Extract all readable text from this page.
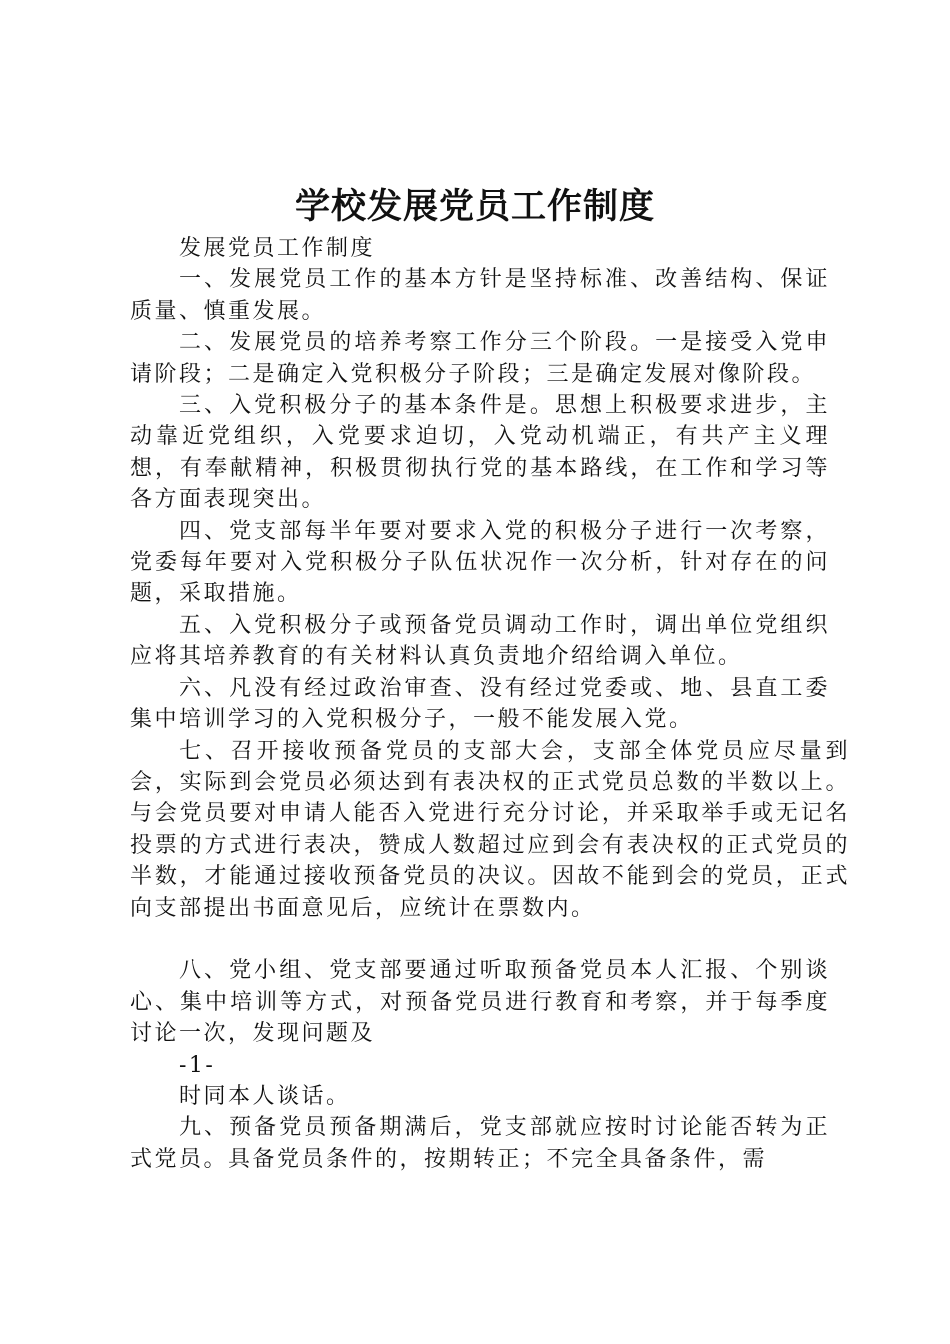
学校发展党员工作制度

发展党员工作制度

一、发展党员工作的基本方针是坚持标准、改善结构、保证质量、慎重发展。

二、发展党员的培养考察工作分三个阶段。一是接受入党申请阶段；二是确定入党积极分子阶段；三是确定发展对像阶段。

三、入党积极分子的基本条件是。思想上积极要求进步，主动靠近党组织，入党要求迫切，入党动机端正，有共产主义理想，有奉献精神，积极贯彻执行党的基本路线，在工作和学习等各方面表现突出。

四、党支部每半年要对要求入党的积极分子进行一次考察，党委每年要对入党积极分子队伍状况作一次分析，针对存在的问题，采取措施。

五、入党积极分子或预备党员调动工作时，调出单位党组织应将其培养教育的有关材料认真负责地介绍给调入单位。

六、凡没有经过政治审查、没有经过党委或、地、县直工委集中培训学习的入党积极分子，一般不能发展入党。

七、召开接收预备党员的支部大会，支部全体党员应尽量到会，实际到会党员必须达到有表决权的正式党员总数的半数以上。与会党员要对申请人能否入党进行充分讨论，并采取举手或无记名投票的方式进行表决，赞成人数超过应到会有表决权的正式党员的半数，才能通过接收预备党员的决议。因故不能到会的党员，正式向支部提出书面意见后，应统计在票数内。

八、党小组、党支部要通过听取预备党员本人汇报、个别谈心、集中培训等方式，对预备党员进行教育和考察，并于每季度讨论一次，发现问题及

-1-

时同本人谈话。

九、预备党员预备期满后，党支部就应按时讨论能否转为正式党员。具备党员条件的，按期转正；不完全具备条件，需
